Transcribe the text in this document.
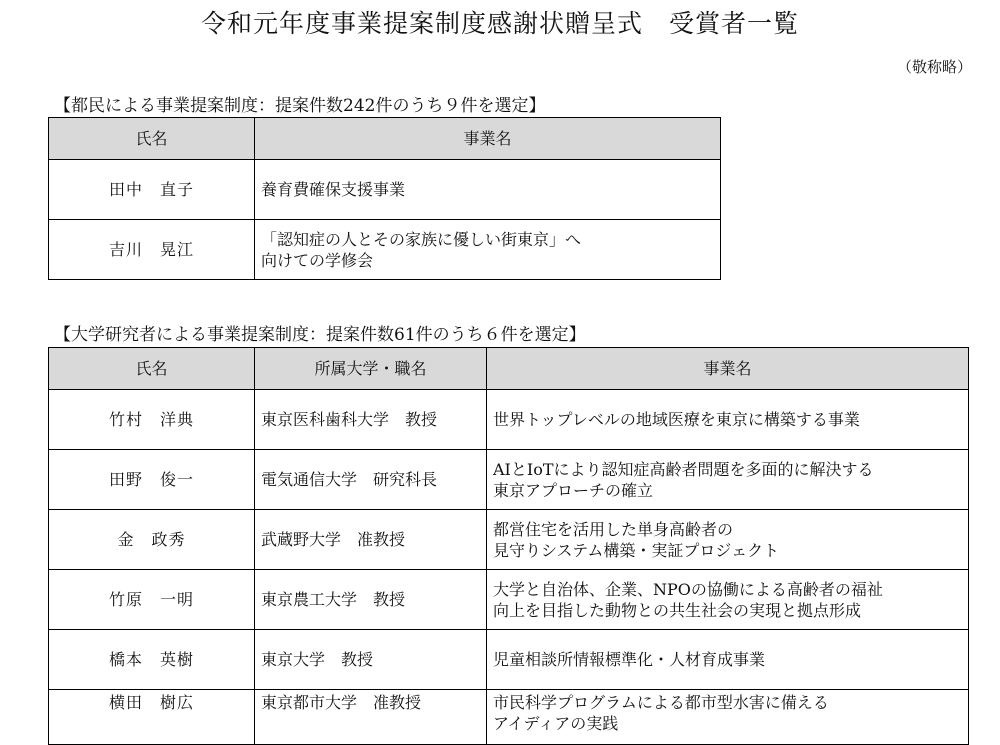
令和元年度事業提案制度感謝状贈呈式　受賞者一覧
（敬称略）
【都民による事業提案制度：提案件数242件のうち９件を選定】
氏名	事業名
田中　直子	養育費確保支援事業
吉川　晃江	「認知症の人とその家族に優しい街東京」へ
向けての学修会
【大学研究者による事業提案制度：提案件数61件のうち６件を選定】
氏名	所属大学・職名	事業名
竹村　洋典	東京医科歯科大学　教授	世界トップレベルの地域医療を東京に構築する事業
田野　俊一	電気通信大学　研究科長	AIとIoTにより認知症高齢者問題を多面的に解決する
東京アプローチの確立
金　政秀	武蔵野大学　准教授	都営住宅を活用した単身高齢者の
見守りシステム構築・実証プロジェクト
竹原　一明	東京農工大学　教授	大学と自治体、企業、NPOの協働による高齢者の福祉
向上を目指した動物との共生社会の実現と拠点形成
橋本　英樹	東京大学　教授	児童相談所情報標準化・人材育成事業
横田　樹広	東京都市大学　准教授	市民科学プログラムによる都市型水害に備える
アイディアの実践
